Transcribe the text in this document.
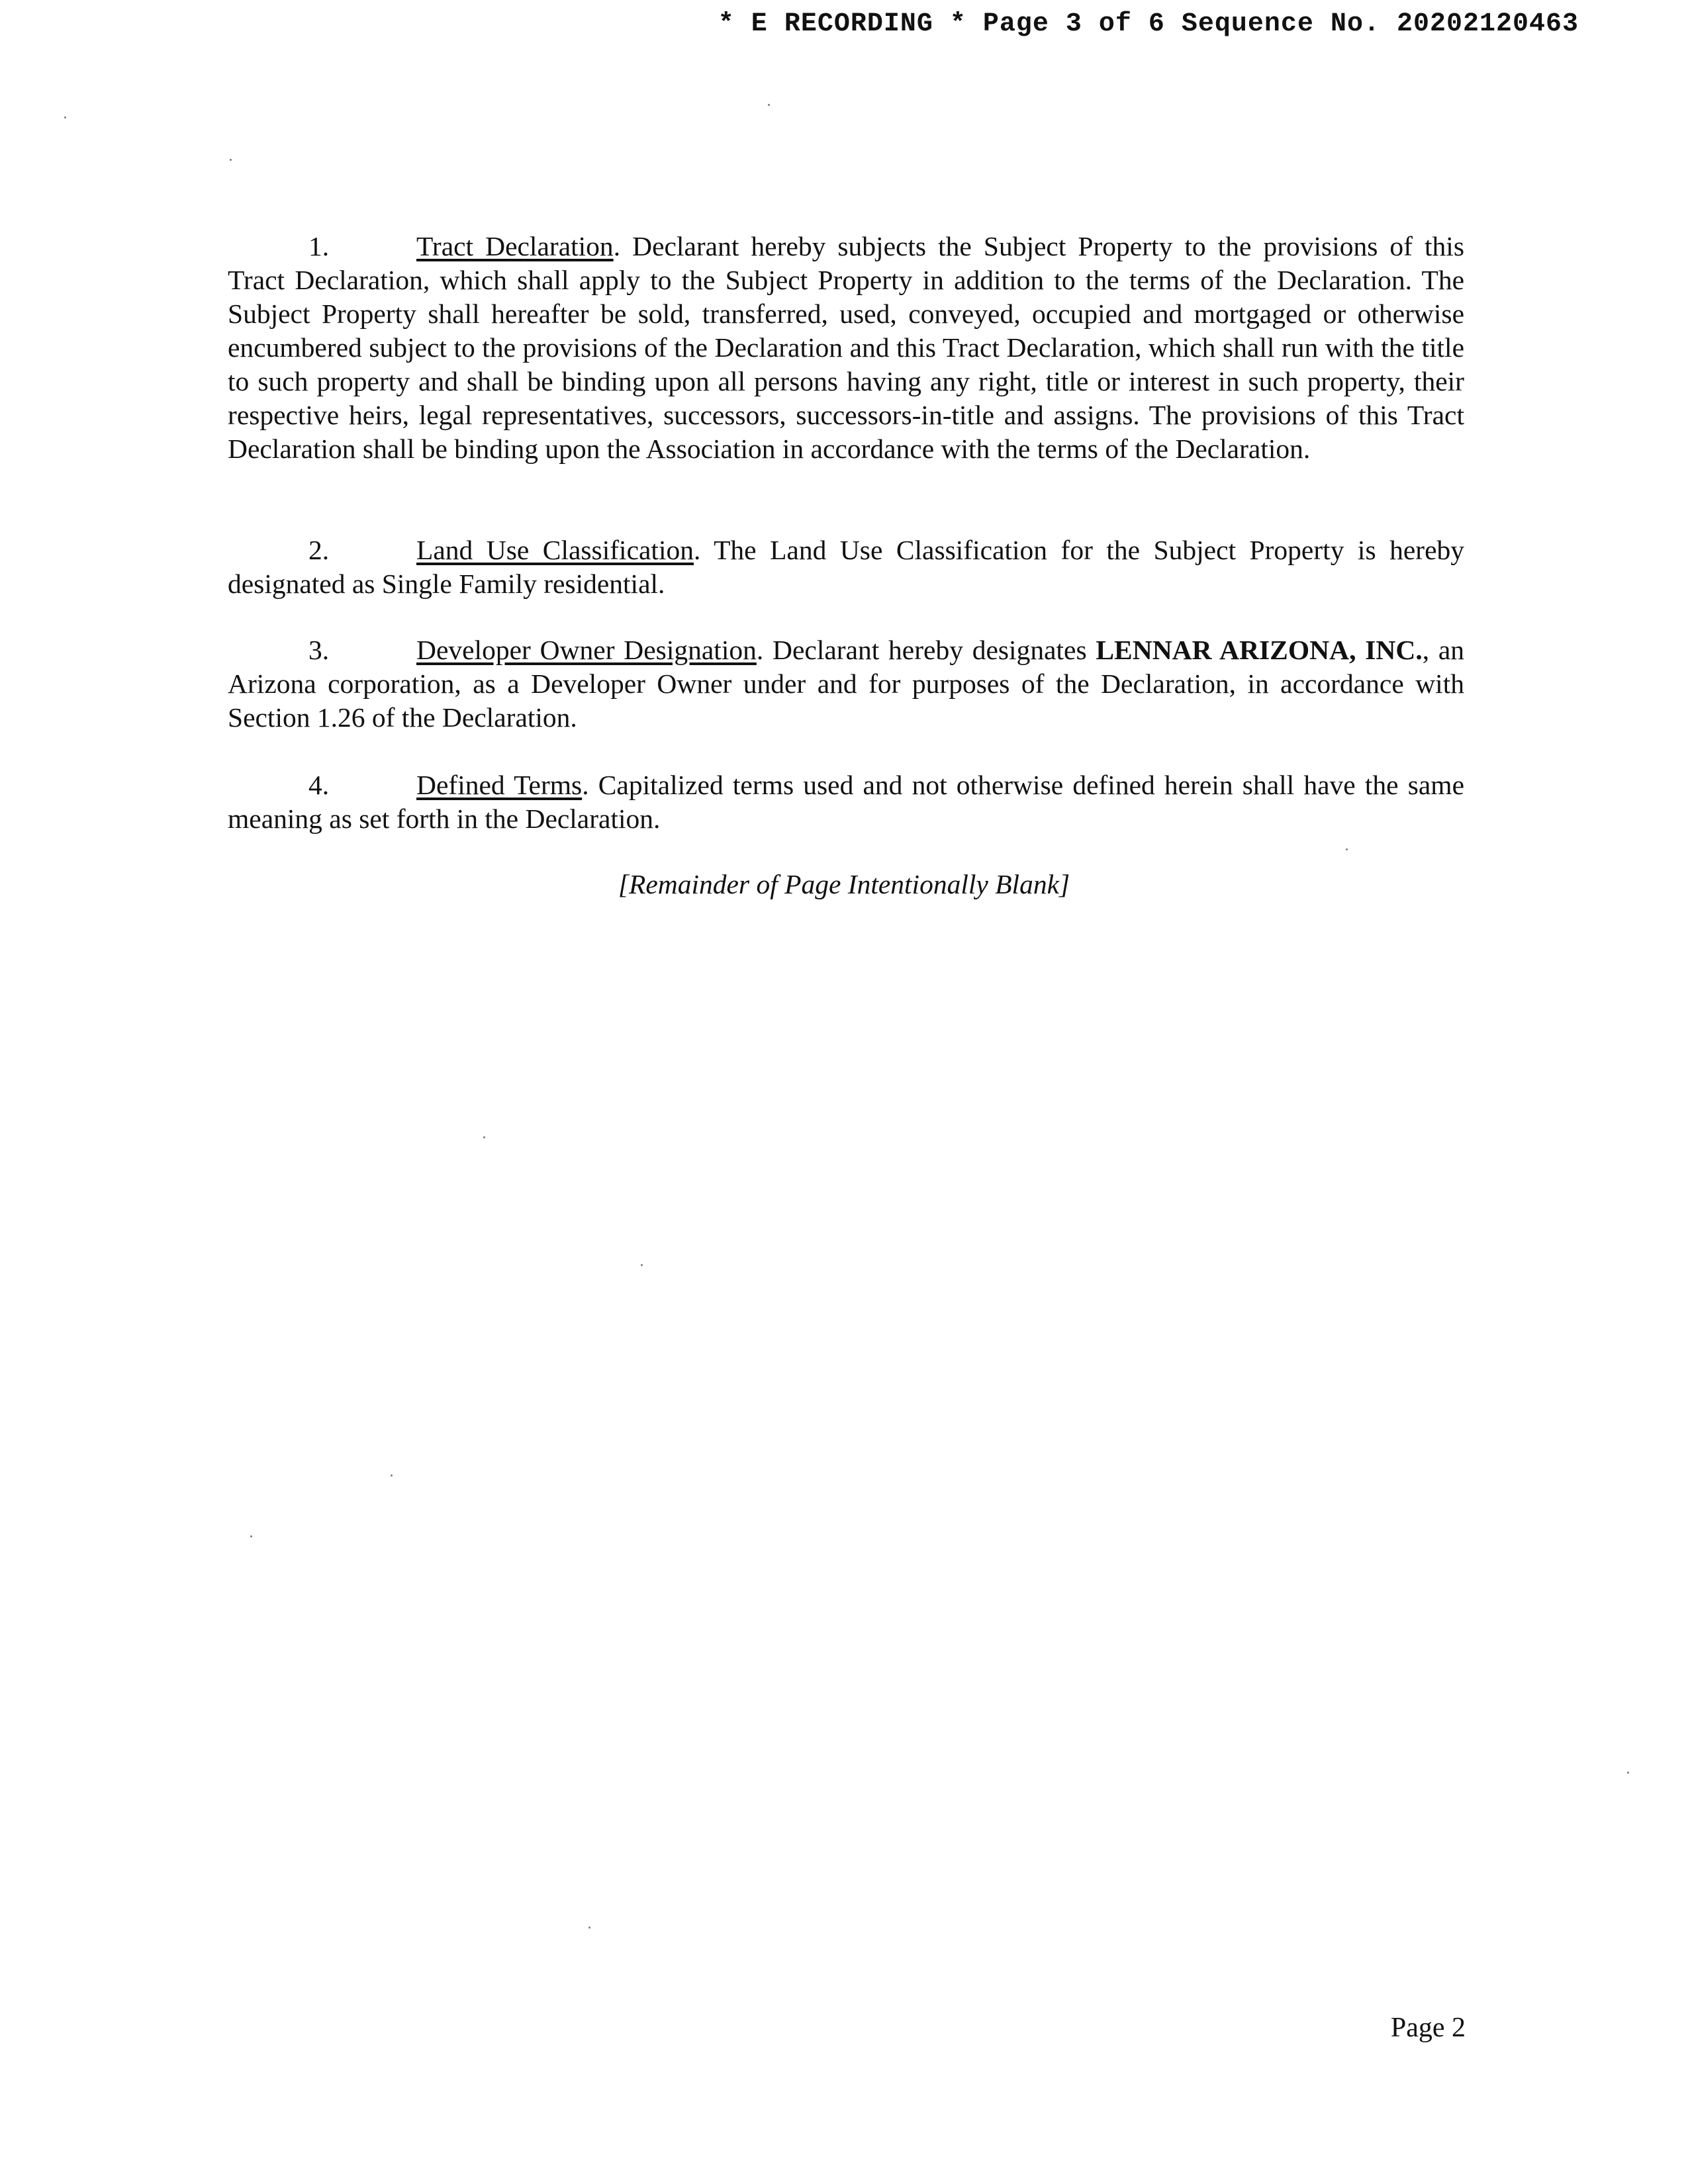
* E RECORDING * Page 3 of 6 Sequence No. 20202120463

1.	Tract Declaration. Declarant hereby subjects the Subject Property to the provisions of this Tract Declaration, which shall apply to the Subject Property in addition to the terms of the Declaration. The Subject Property shall hereafter be sold, transferred, used, conveyed, occupied and mortgaged or otherwise encumbered subject to the provisions of the Declaration and this Tract Declaration, which shall run with the title to such property and shall be binding upon all persons having any right, title or interest in such property, their respective heirs, legal representatives, successors, successors-in-title and assigns. The provisions of this Tract Declaration shall be binding upon the Association in accordance with the terms of the Declaration.

2.	Land Use Classification. The Land Use Classification for the Subject Property is hereby designated as Single Family residential.

3.	Developer Owner Designation. Declarant hereby designates LENNAR ARIZONA, INC., an Arizona corporation, as a Developer Owner under and for purposes of the Declaration, in accordance with Section 1.26 of the Declaration.

4.	Defined Terms. Capitalized terms used and not otherwise defined herein shall have the same meaning as set forth in the Declaration.

[Remainder of Page Intentionally Blank]
Page 2
